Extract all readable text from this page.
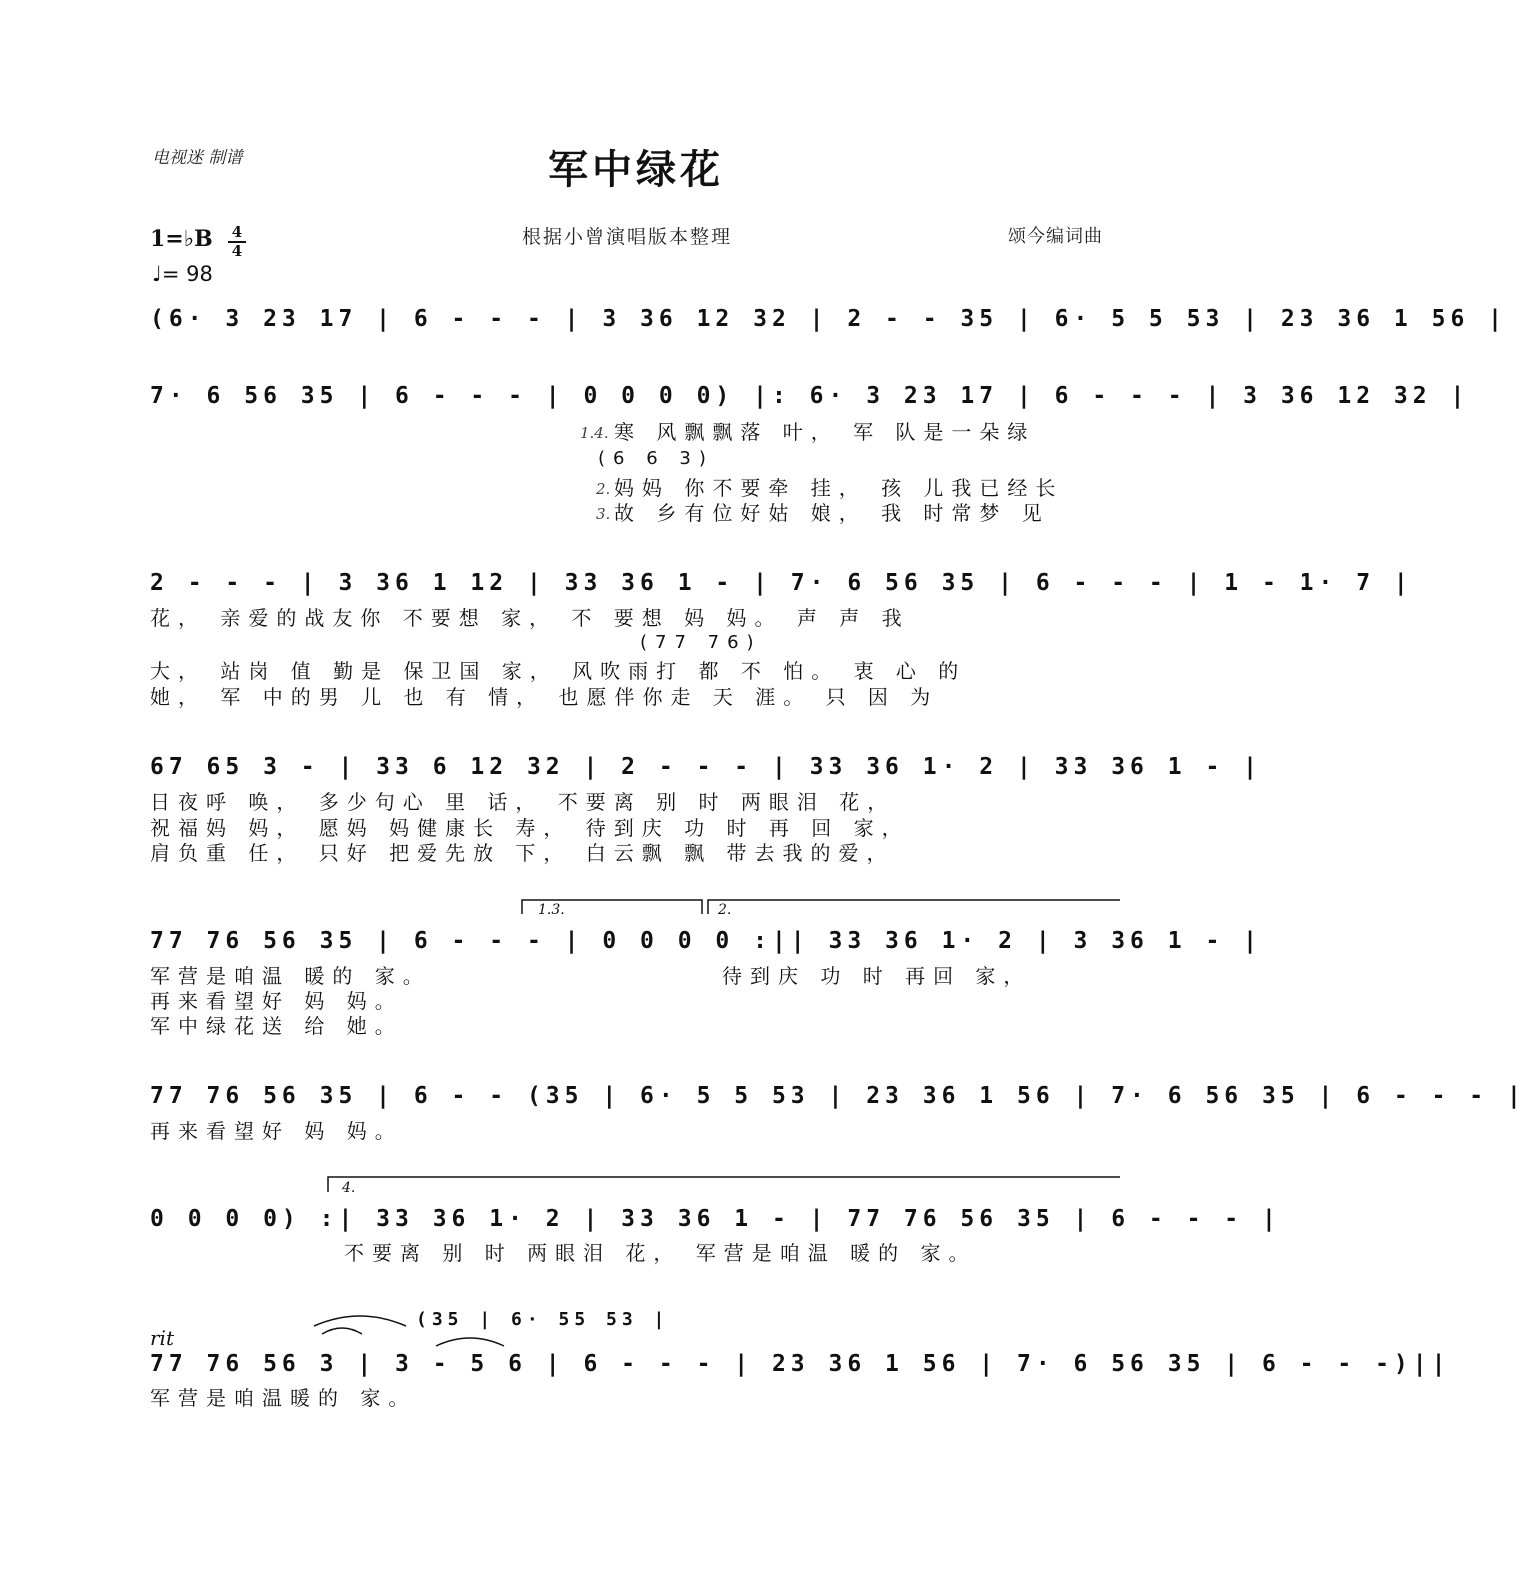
电视迷 制谱	军中绿花
根据小曾演唱版本整理	颂今编词曲
1=♭B	4
4
♩= 98
(6· 3 23 17 | 6 - - - | 3 36 12 32 | 2 - - 35 | 6· 5 5 53 | 23 36 1 56 |
7· 6 56 35 | 6 - - - | 0 0 0 0) |: 6· 3 23 17 | 6 - - - | 3 36 12 32 |
1.4. 寒 风飘飘落 叶， 军 队是一朵绿
(6 6 3)
2. 妈妈 你不要牵 挂， 孩 儿我已经长
3. 故 乡有位好姑 娘， 我 时常梦 见
2 - - - | 3 36 1 12 | 33 36 1 - | 7· 6 56 35 | 6 - - - | 1 - 1· 7 |
花， 亲爱的战友你 不要想 家， 不 要想 妈 妈。 声 声 我
(77 76)
大， 站岗 值 勤是 保卫国 家， 风吹雨打 都 不 怕。 衷 心 的
她， 军 中的男 儿 也 有 情， 也愿伴你走 天 涯。 只 因 为
67 65 3 - | 33 6 12 32 | 2 - - - | 33 36 1· 2 | 33 36 1 - |
日夜呼 唤， 多少句心 里 话， 不要离 别 时 两眼泪 花，
祝福妈 妈， 愿妈 妈健康长 寿， 待到庆 功 时 再 回 家，
肩负重 任， 只好 把爱先放 下， 白云飘 飘 带去我的爱，
1.3.	2.
77 76 56 35 | 6 - - - | 0 0 0 0 :|| 33 36 1· 2 | 3 36 1 - |
军营是咱温 暖的 家。
再来看望好 妈 妈。
军中绿花送 给 她。
待到庆 功 时 再回 家，
77 76 56 35 | 6 - - (35 | 6· 5 5 53 | 23 36 1 56 | 7· 6 56 35 | 6 - - - |
再来看望好 妈 妈。
4.
0 0 0 0) :| 33 36 1· 2 | 33 36 1 - | 77 76 56 35 | 6 - - - |
不要离 别 时 两眼泪 花， 军营是咱温 暖的 家。
rit
(35 | 6· 55 53 |
77 76 56 3 | 3 - 5 6 | 6 - - - | 23 36 1 56 | 7· 6 56 35 | 6 - - -)||
军营是咱温暖的 家。
